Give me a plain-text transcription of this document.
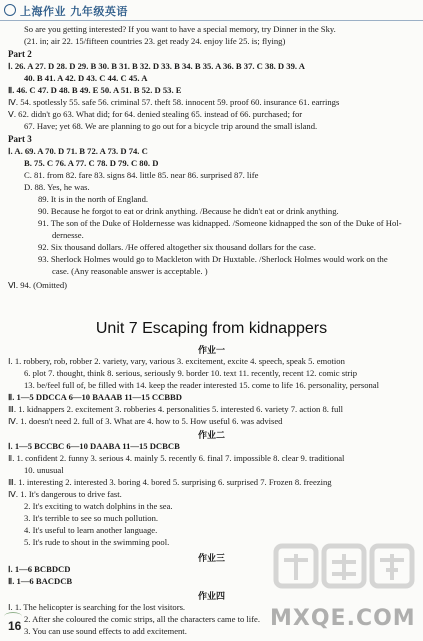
上海作业 九年级英语
So are you getting interested? If you want to have a special memory, try Dinner in the Sky.
(21. in; air 22. 15/fifteen countries 23. get ready 24. enjoy life 25. is; flying)
Part 2
Ⅰ. 26. A 27. D 28. D 29. B 30. B 31. B 32. D 33. B 34. B 35. A 36. B 37. C 38. D 39. A
40. B 41. A 42. D 43. C 44. C 45. A
Ⅱ. 46. C 47. D 48. B 49. E 50. A 51. B 52. D 53. E
Ⅳ. 54. spotlessly 55. safe 56. criminal 57. theft 58. innocent 59. proof 60. insurance 61. earrings
Ⅴ. 62. didn't go 63. What did; for 64. denied stealing 65. instead of 66. purchased; for
67. Have; yet 68. We are planning to go out for a bicycle trip around the small island.
Part 3
Ⅰ. A. 69. A 70. D 71. B 72. A 73. D 74. C
B. 75. C 76. A 77. C 78. D 79. C 80. D
C. 81. from 82. fare 83. signs 84. little 85. near 86. surprised 87. life
D. 88. Yes, he was.
89. It is in the north of England.
90. Because he forgot to eat or drink anything. /Because he didn't eat or drink anything.
91. The son of the Duke of Holdernesse was kidnapped. /Someone kidnapped the son of the Duke of Hol-
dernesse.
92. Six thousand dollars. /He offered altogether six thousand dollars for the case.
93. Sherlock Holmes would go to Mackleton with Dr Huxtable. /Sherlock Holmes would work on the
case. (Any reasonable answer is acceptable. )
Ⅵ. 94. (Omitted)
Unit 7 Escaping from kidnappers
作业一
Ⅰ. 1. robbery, rob, robber 2. variety, vary, various 3. excitement, excite 4. speech, speak 5. emotion
6. plot 7. thought, think 8. serious, seriously 9. border 10. text 11. recently, recent 12. comic strip
13. be/feel full of, be filled with 14. keep the reader interested 15. come to life 16. personality, personal
Ⅱ. 1—5 DDCCA 6—10 BAAAB 11—15 CCBBD
Ⅲ. 1. kidnappers 2. excitement 3. robberies 4. personalities 5. interested 6. variety 7. action 8. full
Ⅳ. 1. doesn't need 2. full of 3. What are 4. how to 5. How useful 6. was advised
作业二
Ⅰ. 1—5 BCCBC 6—10 DAABA 11—15 DCBCB
Ⅱ. 1. confident 2. funny 3. serious 4. mainly 5. recently 6. final 7. impossible 8. clear 9. traditional
10. unusual
Ⅲ. 1. interesting 2. interested 3. boring 4. bored 5. surprising 6. surprised 7. Frozen 8. freezing
Ⅳ. 1. It's dangerous to drive fast.
2. It's exciting to watch dolphins in the sea.
3. It's terrible to see so much pollution.
4. It's useful to learn another language.
5. It's rude to shout in the swimming pool.
作业三
Ⅰ. 1—6 BCBDCD
Ⅱ. 1—6 BACDCB
作业四
Ⅰ. 1. The helicopter is searching for the lost visitors.
2. After she coloured the comic strips, all the characters came to life.
3. You can use sound effects to add excitement.	MXQE.COM
16
